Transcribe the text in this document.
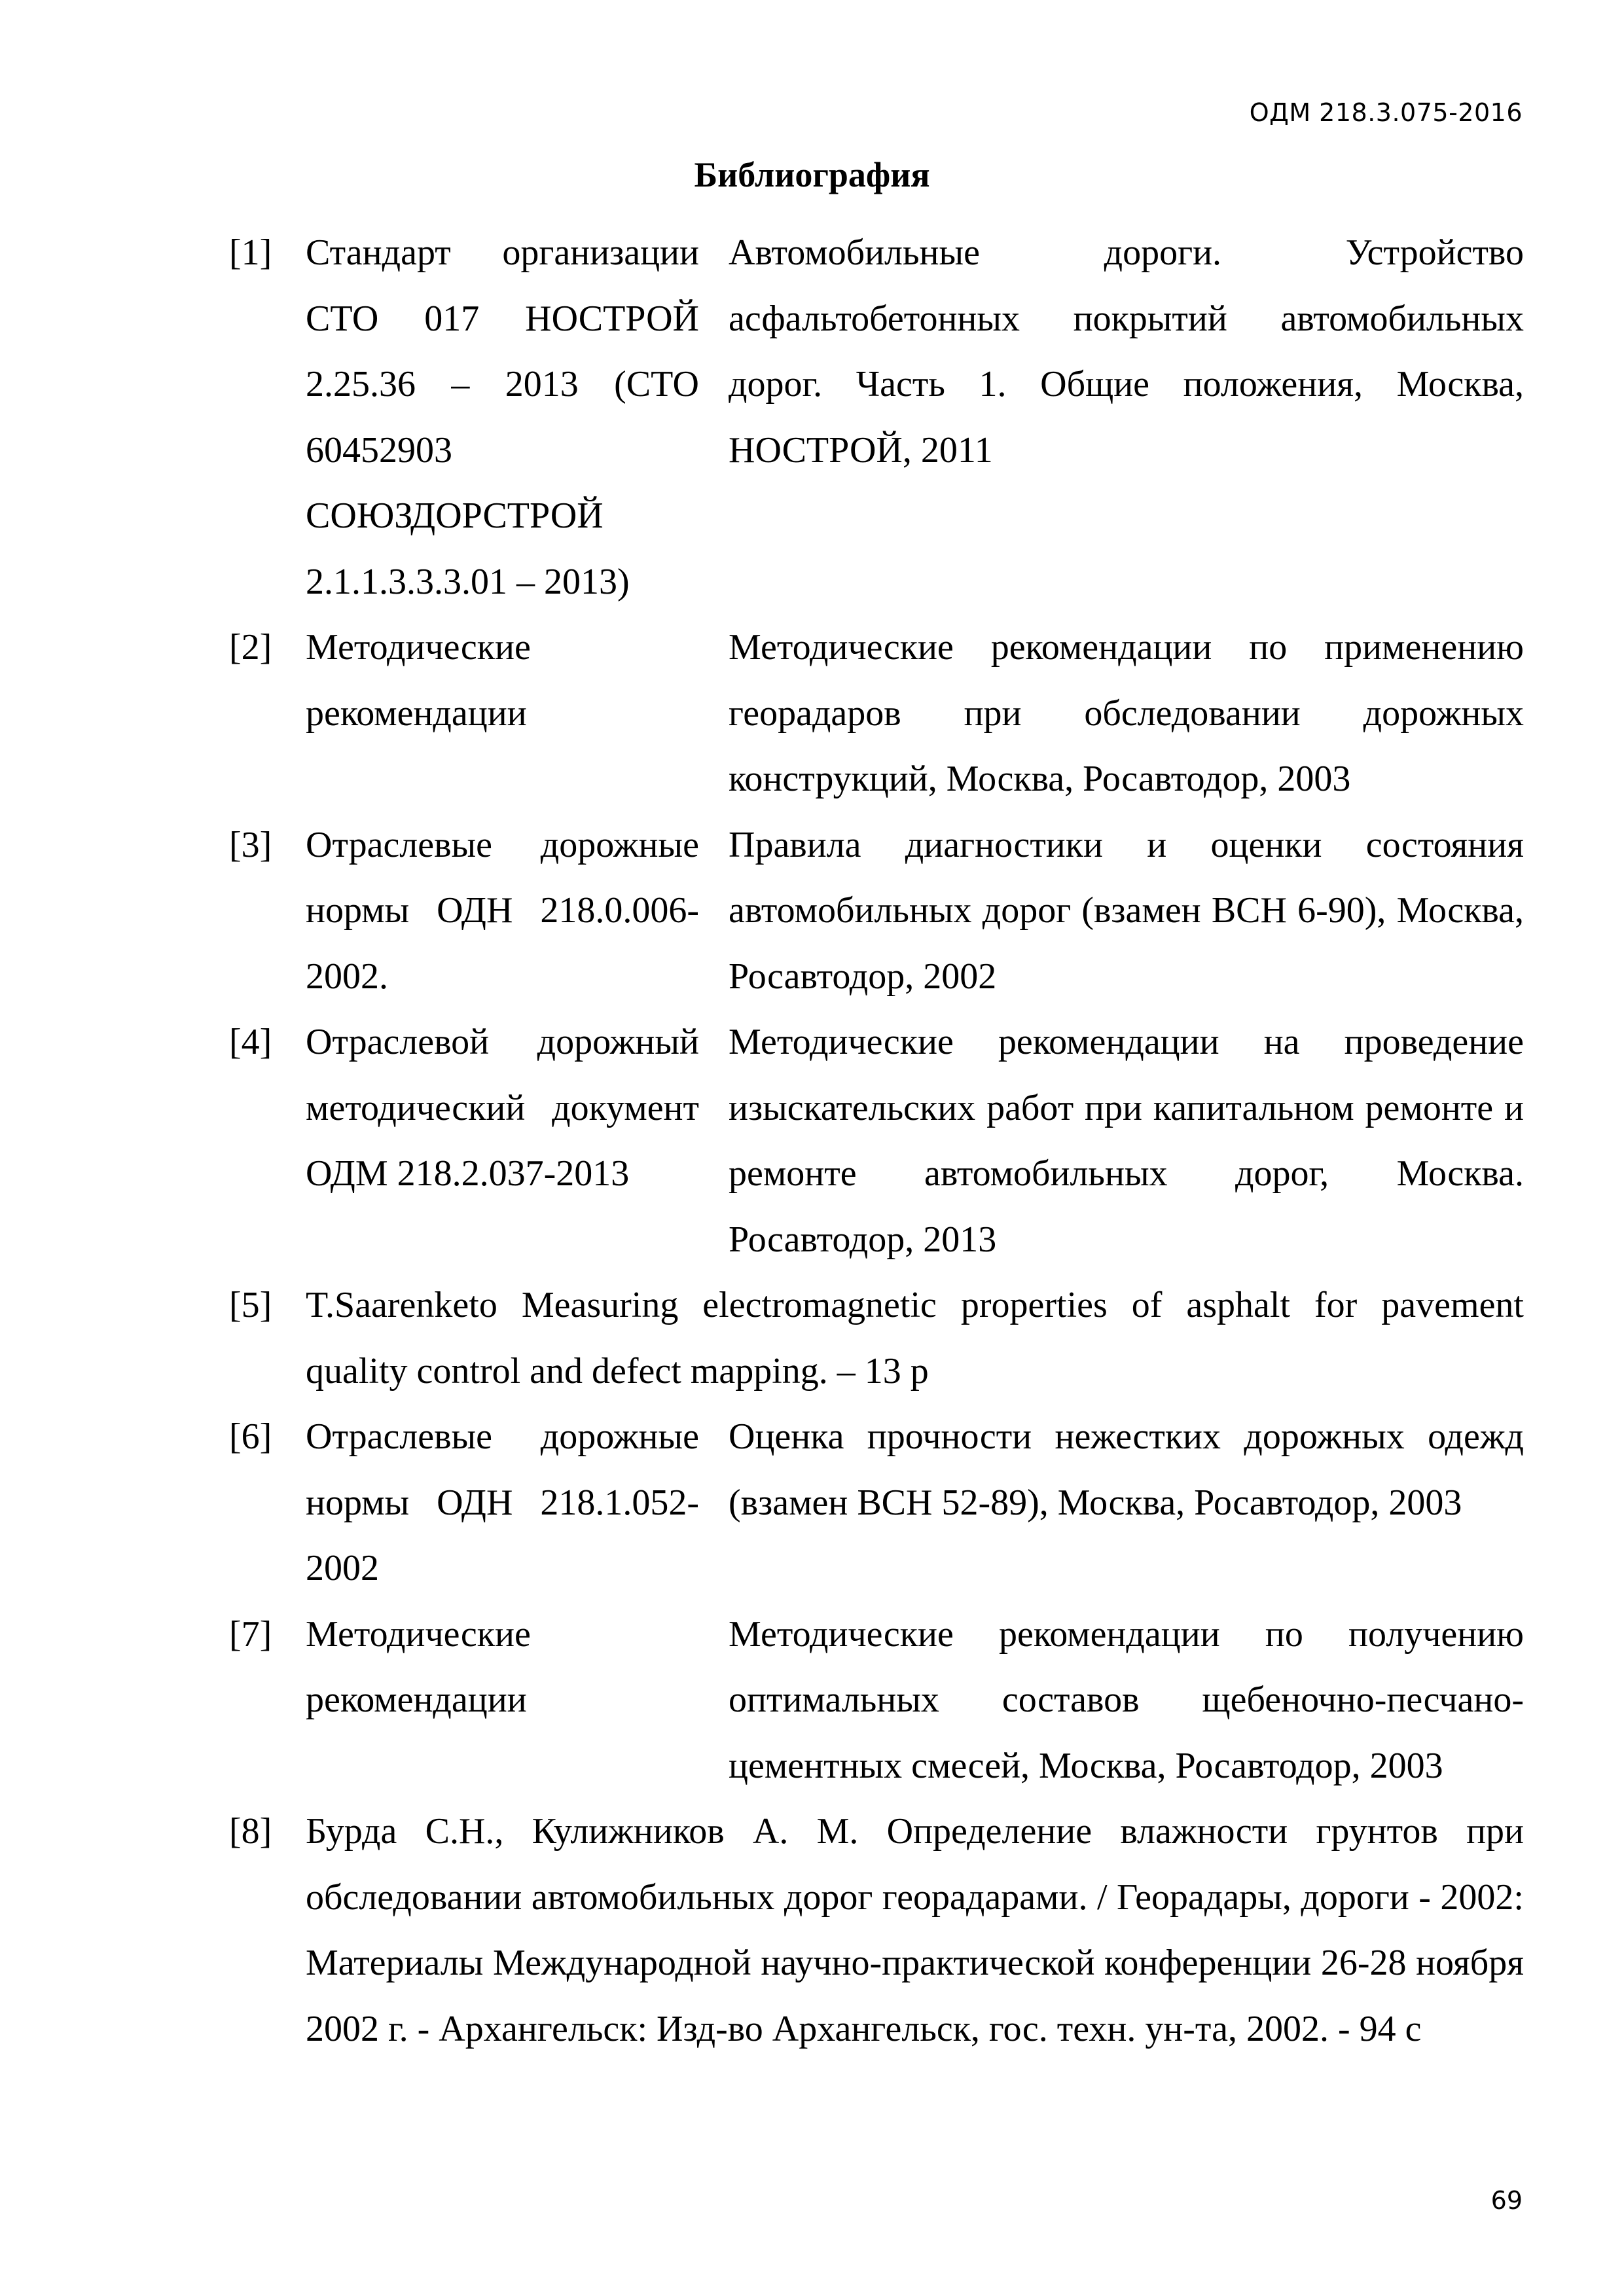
ОДМ 218.3.075-2016
Библиография
[1] Стандарт организации СТО 017 НОСТРОЙ 2.25.36 – 2013 (СТО 60452903 СОЮЗДОРСТРОЙ 2.1.1.3.3.3.01 – 2013)
Автомобильные дороги. Устройство асфальтобетонных покрытий автомобильных дорог. Часть 1. Общие положения, Москва, НОСТРОЙ, 2011
[2] Методические рекомендации
Методические рекомендации по применению георадаров при обследовании дорожных конструкций, Москва, Росавтодор, 2003
[3] Отраслевые дорожные нормы ОДН 218.0.006-2002.
Правила диагностики и оценки состояния автомобильных дорог (взамен ВСН 6-90), Москва, Росавтодор, 2002
[4] Отраслевой дорожный методический документ ОДМ 218.2.037-2013
Методические рекомендации на проведение изыскательских работ при капитальном ремонте и ремонте автомобильных дорог, Москва. Росавтодор, 2013
[5] T.Saarenketo Measuring electromagnetic properties of asphalt for pavement quality control and defect mapping. – 13 p
[6] Отраслевые дорожные нормы ОДН 218.1.052-2002
Оценка прочности нежестких дорожных одежд (взамен ВСН 52-89), Москва, Росавтодор, 2003
[7] Методические рекомендации
Методические рекомендации по получению оптимальных составов щебеночно-песчано-цементных смесей, Москва, Росавтодор, 2003
[8] Бурда С.Н., Кулижников А. М. Определение влажности грунтов при обследовании автомобильных дорог георадарами. / Георадары, дороги - 2002: Материалы Международной научно-практической конференции 26-28 ноября 2002 г. - Архангельск: Изд-во Архангельск, гос. техн. ун-та, 2002. - 94 с
69
